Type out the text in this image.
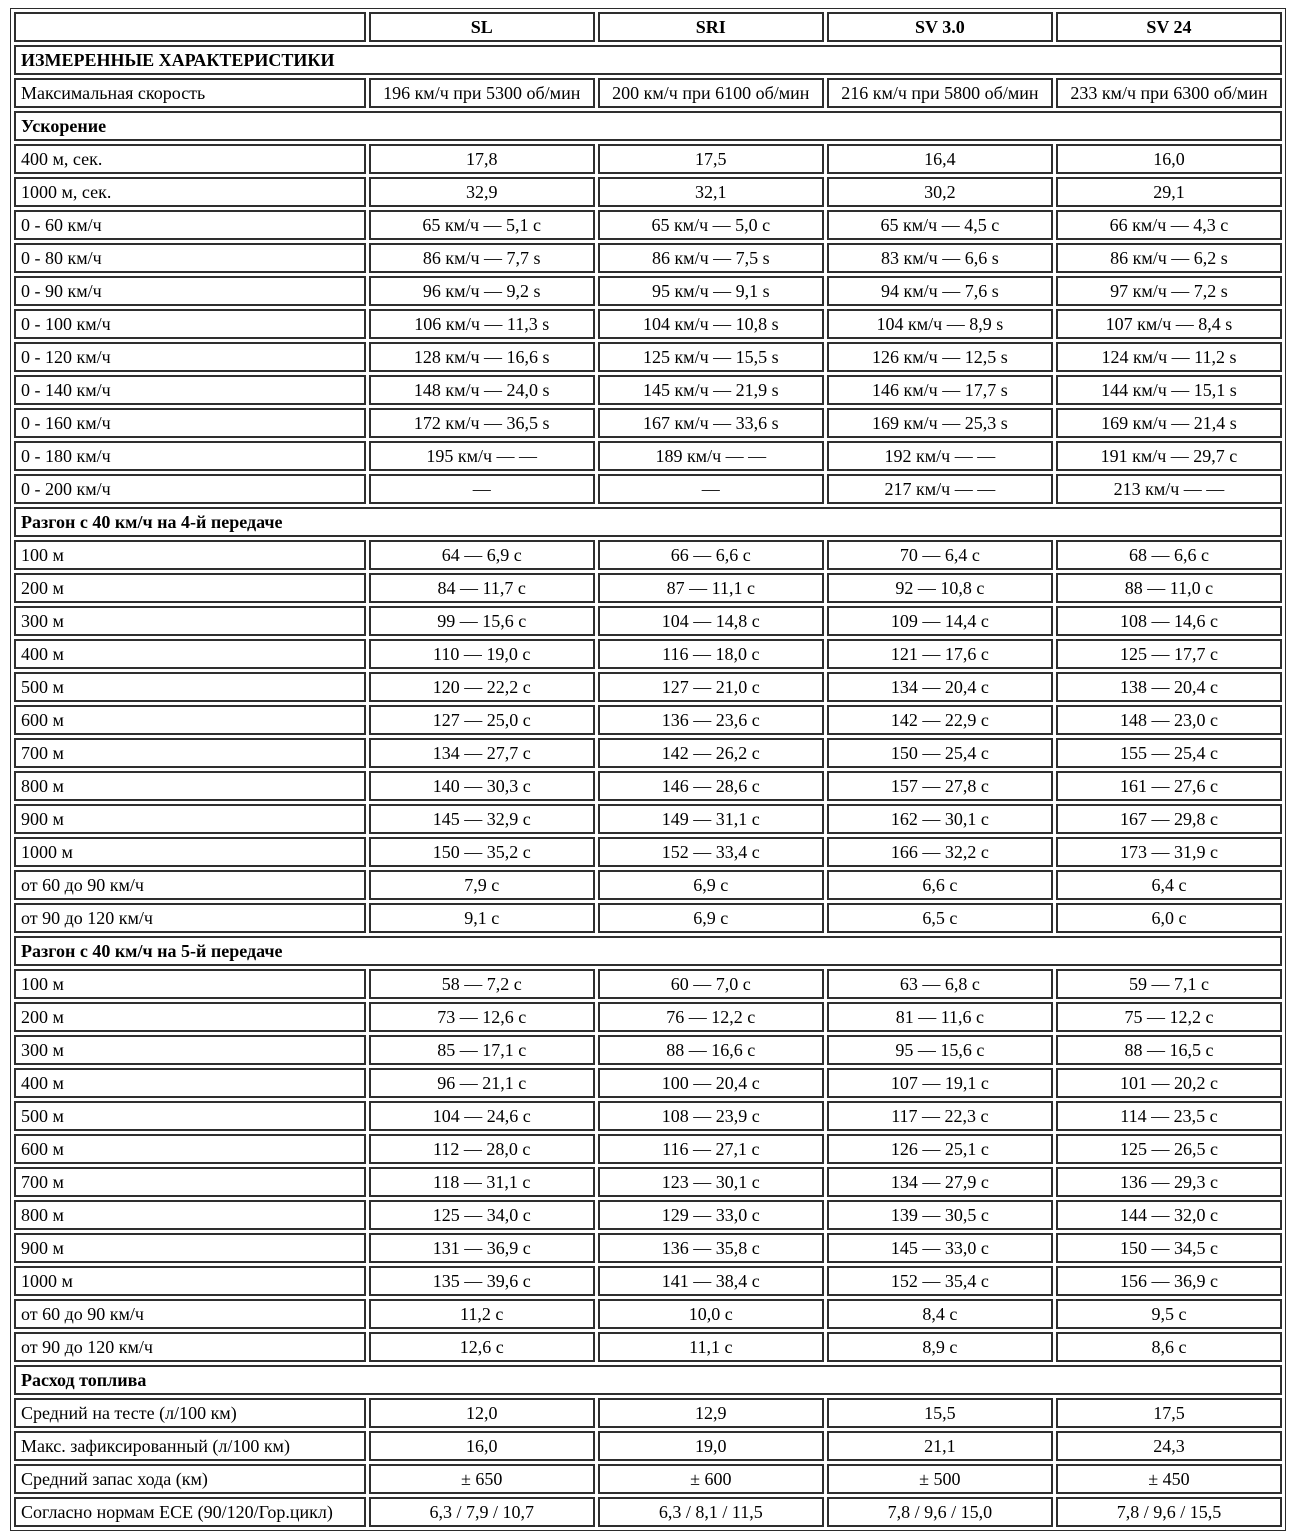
	SL	SRI	SV 3.0	SV 24
ИЗМЕРЕННЫЕ ХАРАКТЕРИСТИКИ				
Максимальная скорость	196 км/ч при 5300 об/мин	200 км/ч при 6100 об/мин	216 км/ч при 5800 об/мин	233 км/ч при 6300 об/мин
Ускорение				
400 м, сек.	17,8	17,5	16,4	16,0
1000 м, сек.	32,9	32,1	30,2	29,1
0 - 60 км/ч	65 км/ч — 5,1 с	65 км/ч — 5,0 с	65 км/ч — 4,5 с	66 км/ч — 4,3 с
0 - 80 км/ч	86 км/ч — 7,7 s	86 км/ч — 7,5 s	83 км/ч — 6,6 s	86 км/ч — 6,2 s
0 - 90 км/ч	96 км/ч — 9,2 s	95 км/ч — 9,1 s	94 км/ч — 7,6 s	97 км/ч — 7,2 s
0 - 100 км/ч	106 км/ч — 11,3 s	104 км/ч — 10,8 s	104 км/ч — 8,9 s	107 км/ч — 8,4 s
0 - 120 км/ч	128 км/ч — 16,6 s	125 км/ч — 15,5 s	126 км/ч — 12,5 s	124 км/ч — 11,2 s
0 - 140 км/ч	148 км/ч — 24,0 s	145 км/ч — 21,9 s	146 км/ч — 17,7 s	144 км/ч — 15,1 s
0 - 160 км/ч	172 км/ч — 36,5 s	167 км/ч — 33,6 s	169 км/ч — 25,3 s	169 км/ч — 21,4 s
0 - 180 км/ч	195 км/ч — —	189 км/ч — —	192 км/ч — —	191 км/ч — 29,7 с
0 - 200 км/ч	—	—	217 км/ч — —	213 км/ч — —
Разгон с 40 км/ч на 4-й передаче				
100 м	64 — 6,9 с	66 — 6,6 с	70 — 6,4 с	68 — 6,6 с
200 м	84 — 11,7 с	87 — 11,1 с	92 — 10,8 с	88 — 11,0 с
300 м	99 — 15,6 с	104 — 14,8 с	109 — 14,4 с	108 — 14,6 с
400 м	110 — 19,0 с	116 — 18,0 с	121 — 17,6 с	125 — 17,7 с
500 м	120 — 22,2 с	127 — 21,0 с	134 — 20,4 с	138 — 20,4 с
600 м	127 — 25,0 с	136 — 23,6 с	142 — 22,9 с	148 — 23,0 с
700 м	134 — 27,7 с	142 — 26,2 с	150 — 25,4 с	155 — 25,4 с
800 м	140 — 30,3 с	146 — 28,6 с	157 — 27,8 с	161 — 27,6 с
900 м	145 — 32,9 с	149 — 31,1 с	162 — 30,1 с	167 — 29,8 с
1000 м	150 — 35,2 с	152 — 33,4 с	166 — 32,2 с	173 — 31,9 с
от 60 до 90 км/ч	7,9 с	6,9 с	6,6 с	6,4 с
от 90 до 120 км/ч	9,1 с	6,9 с	6,5 с	6,0 с
Разгон с 40 км/ч на 5-й передаче				
100 м	58 — 7,2 с	60 — 7,0 с	63 — 6,8 с	59 — 7,1 с
200 м	73 — 12,6 с	76 — 12,2 с	81 — 11,6 с	75 — 12,2 с
300 м	85 — 17,1 с	88 — 16,6 с	95 — 15,6 с	88 — 16,5 с
400 м	96 — 21,1 с	100 — 20,4 с	107 — 19,1 с	101 — 20,2 с
500 м	104 — 24,6 с	108 — 23,9 с	117 — 22,3 с	114 — 23,5 с
600 м	112 — 28,0 с	116 — 27,1 с	126 — 25,1 с	125 — 26,5 с
700 м	118 — 31,1 с	123 — 30,1 с	134 — 27,9 с	136 — 29,3 с
800 м	125 — 34,0 с	129 — 33,0 с	139 — 30,5 с	144 — 32,0 с
900 м	131 — 36,9 с	136 — 35,8 с	145 — 33,0 с	150 — 34,5 с
1000 м	135 — 39,6 с	141 — 38,4 с	152 — 35,4 с	156 — 36,9 с
от 60 до 90 км/ч	11,2 с	10,0 с	8,4 с	9,5 с
от 90 до 120 км/ч	12,6 с	11,1 с	8,9 с	8,6 с
Расход топлива				
Средний на тесте (л/100 км)	12,0	12,9	15,5	17,5
Макс. зафиксированный (л/100 км)	16,0	19,0	21,1	24,3
Средний запас хода (км)	± 650	± 600	± 500	± 450
Согласно нормам ЕСЕ (90/120/Гор.цикл)	6,3 / 7,9 / 10,7	6,3 / 8,1 / 11,5	7,8 / 9,6 / 15,0	7,8 / 9,6 / 15,5
